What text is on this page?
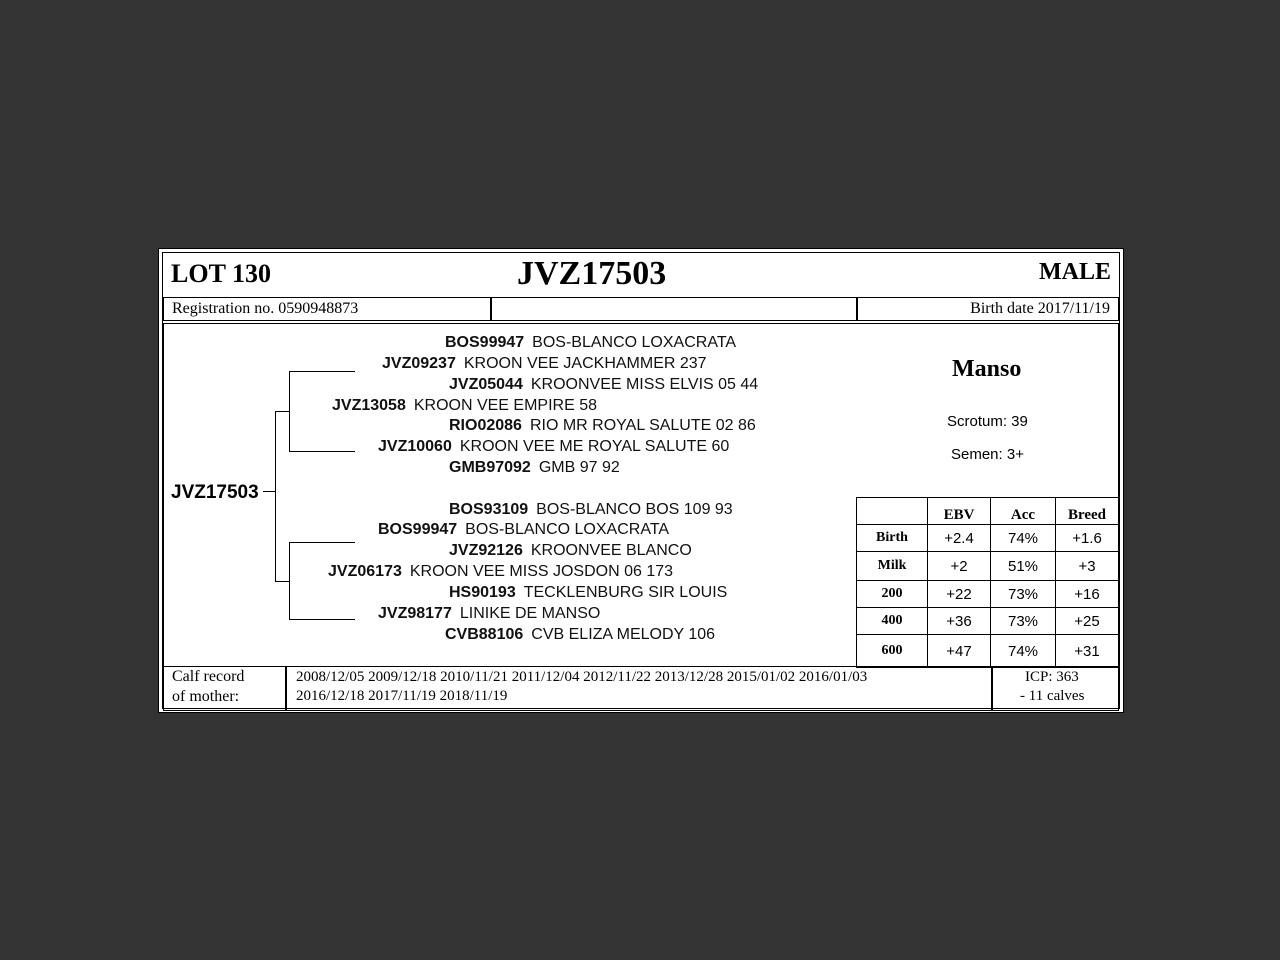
LOT 130	JVZ17503	MALE
Registration no. 0590948873	Birth date 2017/11/19
JVZ17503
BOS99947 BOS-BLANCO LOXACRATA
JVZ09237 KROON VEE JACKHAMMER 237
JVZ05044 KROONVEE MISS ELVIS 05 44
JVZ13058 KROON VEE EMPIRE 58
RIO02086 RIO MR ROYAL SALUTE 02 86
JVZ10060 KROON VEE ME ROYAL SALUTE 60
GMB97092 GMB 97 92
BOS93109 BOS-BLANCO BOS 109 93
BOS99947 BOS-BLANCO LOXACRATA
JVZ92126 KROONVEE BLANCO
JVZ06173 KROON VEE MISS JOSDON 06 173
HS90193 TECKLENBURG SIR LOUIS
JVZ98177 LINIKE DE MANSO
CVB88106 CVB ELIZA MELODY 106
Manso
Scrotum: 39
Semen: 3+
	EBV	Acc	Breed
Birth	+2.4	74%	+1.6
Milk	+2	51%	+3
200	+22	73%	+16
400	+36	73%	+25
600	+47	74%	+31
Calf record
of mother:
2008/12/05 2009/12/18 2010/11/21 2011/12/04 2012/11/22 2013/12/28 2015/01/02 2016/01/03
2016/12/18 2017/11/19 2018/11/19
ICP: 363
- 11 calves
